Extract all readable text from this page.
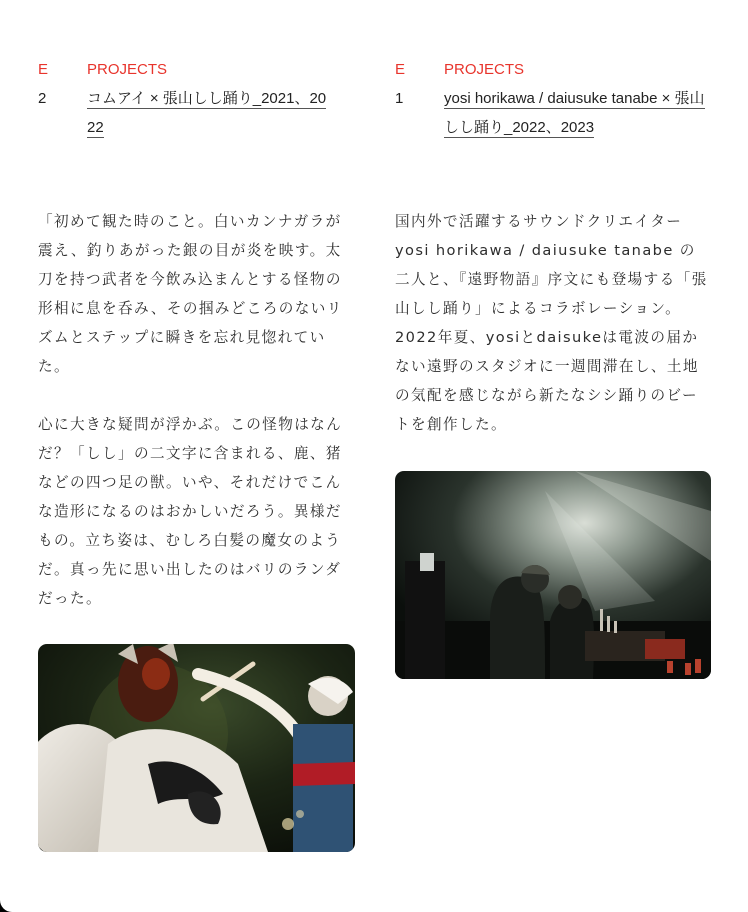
E	PROJECTS
2	コムアイ × 張山しし踊り_2021、20
22

「初めて観た時のこと。白いカンナガラが震え、釣りあがった銀の目が炎を映す。太刀を持つ武者を今飲み込まんとする怪物の形相に息を呑み、その掴みどころのないリズムとステップに瞬きを忘れ見惚れていた。

心に大きな疑問が浮かぶ。この怪物はなんだ？「しし」の二文字に含まれる、鹿、猪などの四つ足の獣。いや、それだけでこんな造形になるのはおかしいだろう。異様だもの。立ち姿は、むしろ白髪の魔女のようだ。真っ先に思い出したのはバリのランダだった。

E	PROJECTS
1	yosi horikawa / daiusuke tanabe × 張山
しし踊り_2022、2023

国内外で活躍するサウンドクリエイターyosi horikawa / daiusuke tanabe の二人と、『遠野物語』序文にも登場する「張山しし踊り」によるコラボレーション。 2022年夏、yosiとdaisukeは電波の届かない遠野のスタジオに一週間滞在し、土地の気配を感じながら新たなシシ踊りのビートを創作した。
